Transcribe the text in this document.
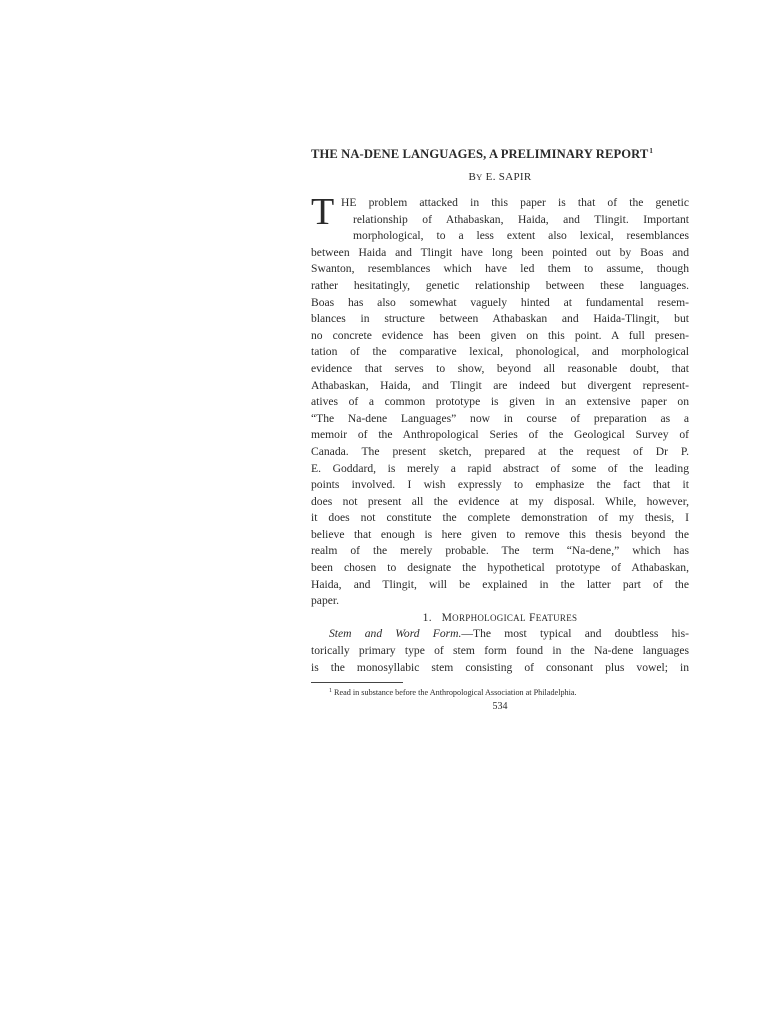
THE NA-DENE LANGUAGES, A PRELIMINARY REPORT$^1$
BY E. SAPIR
T HE problem attacked in this paper is that of the genetic
relationship of Athabaskan, Haida, and Tlingit. Important
morphological, to a less extent also lexical, resemblances
between Haida and Tlingit have long been pointed out by Boas and
Swanton, resemblances which have led them to assume, though
rather hesitatingly, genetic relationship between these languages.
Boas has also somewhat vaguely hinted at fundamental resem-
blances in structure between Athabaskan and Haida-Tlingit, but
no concrete evidence has been given on this point. A full presen-
tation of the comparative lexical, phonological, and morphological
evidence that serves to show, beyond all reasonable doubt, that
Athabaskan, Haida, and Tlingit are indeed but divergent represent-
atives of a common prototype is given in an extensive paper on
“The Na-dene Languages” now in course of preparation as a
memoir of the Anthropological Series of the Geological Survey of
Canada. The present sketch, prepared at the request of Dr P.
E. Goddard, is merely a rapid abstract of some of the leading
points involved. I wish expressly to emphasize the fact that it
does not present all the evidence at my disposal. While, however,
it does not constitute the complete demonstration of my thesis, I
believe that enough is here given to remove this thesis beyond the
realm of the merely probable. The term “Na-dene,” which has
been chosen to designate the hypothetical prototype of Athabaskan,
Haida, and Tlingit, will be explained in the latter part of the
paper.
1. MORPHOLOGICAL FEATURES
Stem and Word Form.—The most typical and doubtless his-
torically primary type of stem form found in the Na-dene languages
is the monosyllabic stem consisting of consonant plus vowel; in
$^1$ Read in substance before the Anthropological Association at Philadelphia.
534
